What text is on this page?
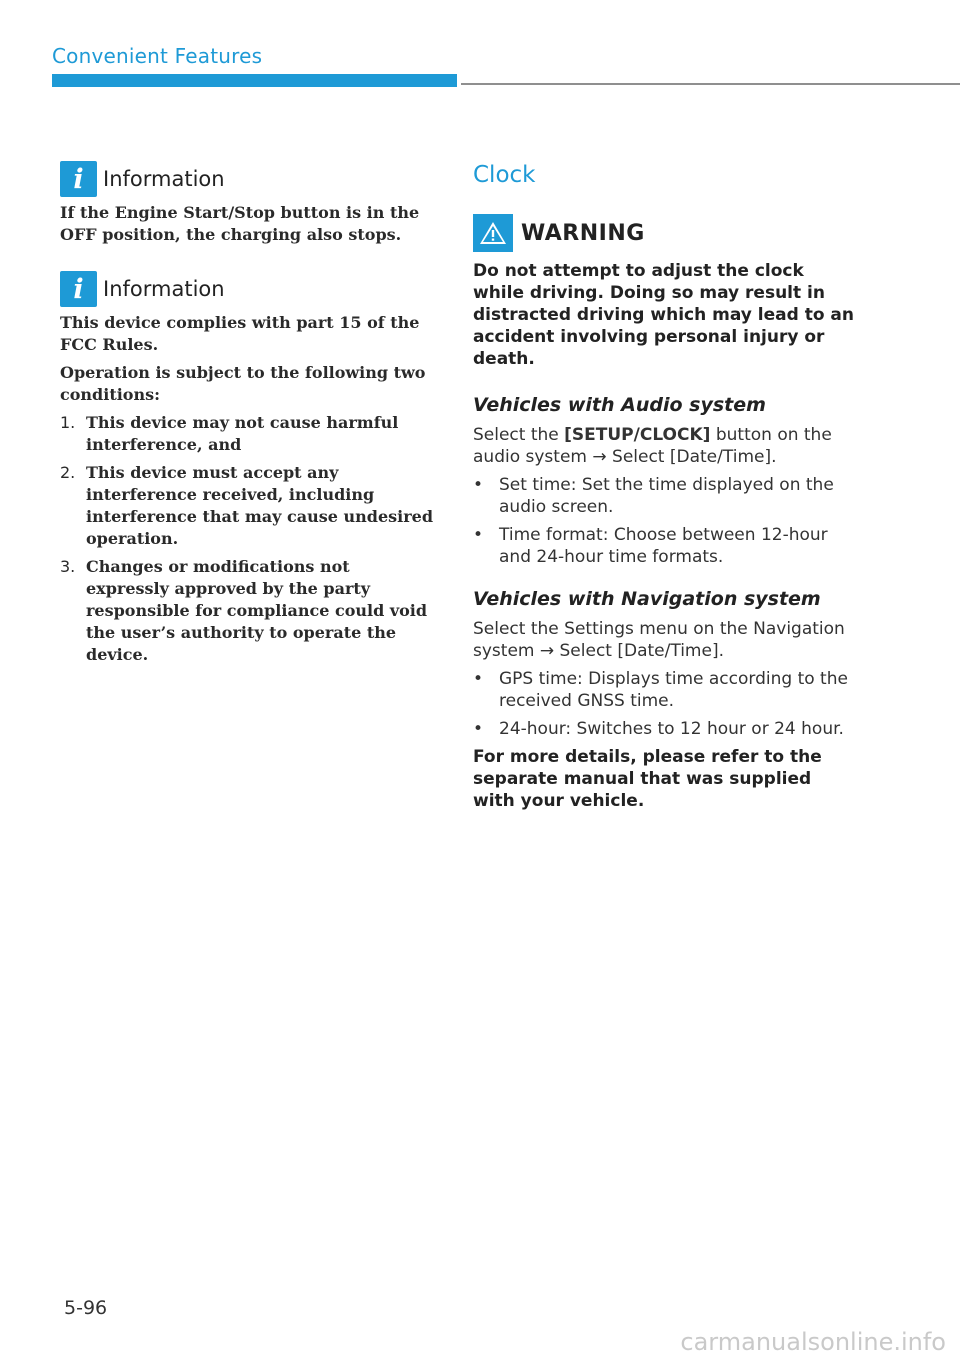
Convenient Features
i Information
If the Engine Start/Stop button is in the OFF position, the charging also stops.
i Information
This device complies with part 15 of the FCC Rules.
Operation is subject to the following two conditions:
1. This device may not cause harmful interference, and
2. This device must accept any interference received, including interference that may cause undesired operation.
3. Changes or modifications not expressly approved by the party responsible for compliance could void the user’s authority to operate the device.
Clock
WARNING
Do not attempt to adjust the clock while driving. Doing so may result in distracted driving which may lead to an accident involving personal injury or death.
Vehicles with Audio system
Select the [SETUP/CLOCK] button on the audio system → Select [Date/Time].
• Set time: Set the time displayed on the audio screen.
• Time format: Choose between 12-hour and 24-hour time formats.
Vehicles with Navigation system
Select the Settings menu on the Navigation system → Select [Date/Time].
• GPS time: Displays time according to the received GNSS time.
• 24-hour: Switches to 12 hour or 24 hour.
For more details, please refer to the separate manual that was supplied with your vehicle.
5-96
carmanualsonline.info
